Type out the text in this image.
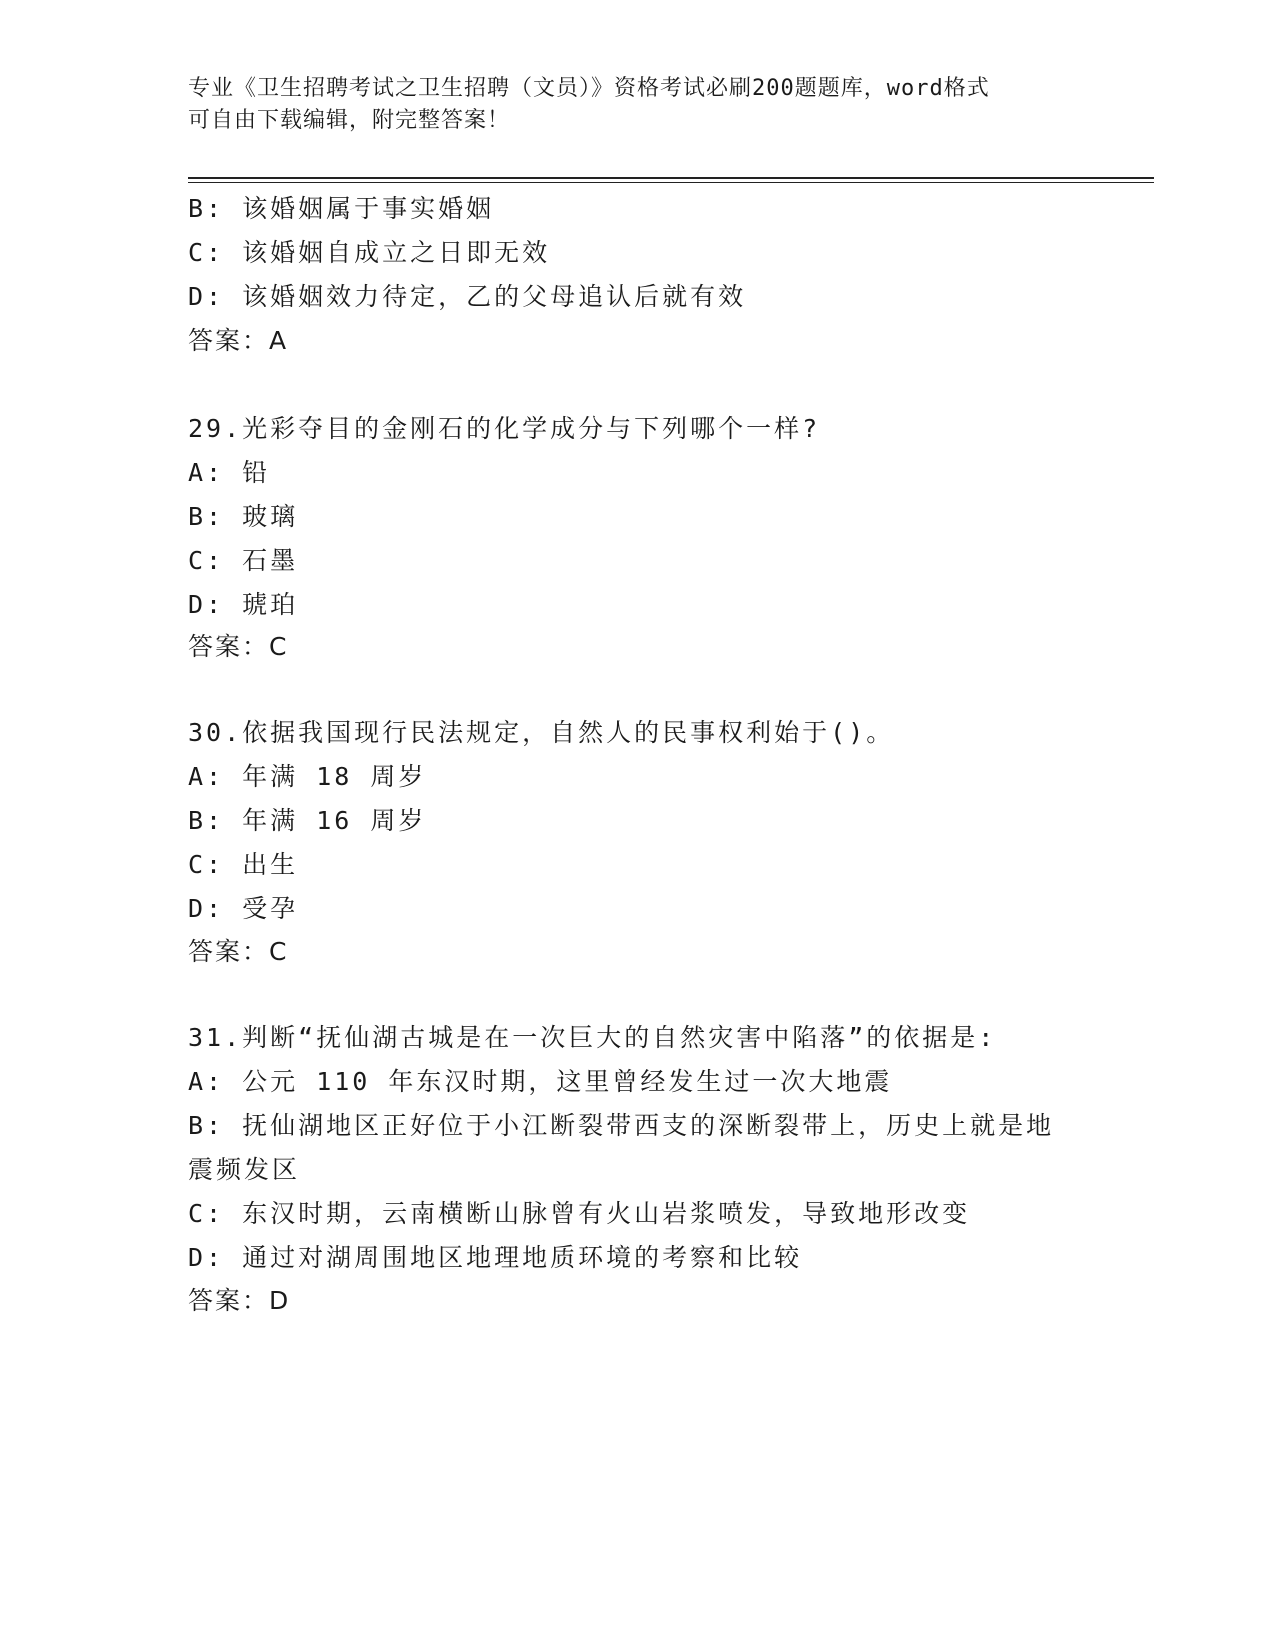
专业《卫生招聘考试之卫生招聘（文员）》资格考试必刷200题题库，word格式
可自由下载编辑，附完整答案！
B: 该婚姻属于事实婚姻
C: 该婚姻自成立之日即无效
D: 该婚姻效力待定，乙的父母追认后就有效
答案：A
29.光彩夺目的金刚石的化学成分与下列哪个一样?
A: 铅
B: 玻璃
C: 石墨
D: 琥珀
答案：C
30.依据我国现行民法规定，自然人的民事权利始于()。
A: 年满 18 周岁
B: 年满 16 周岁
C: 出生
D: 受孕
答案：C
31.判断“抚仙湖古城是在一次巨大的自然灾害中陷落”的依据是:
A: 公元 110 年东汉时期，这里曾经发生过一次大地震
B: 抚仙湖地区正好位于小江断裂带西支的深断裂带上，历史上就是地
震频发区
C: 东汉时期，云南横断山脉曾有火山岩浆喷发，导致地形改变
D: 通过对湖周围地区地理地质环境的考察和比较
答案：D
